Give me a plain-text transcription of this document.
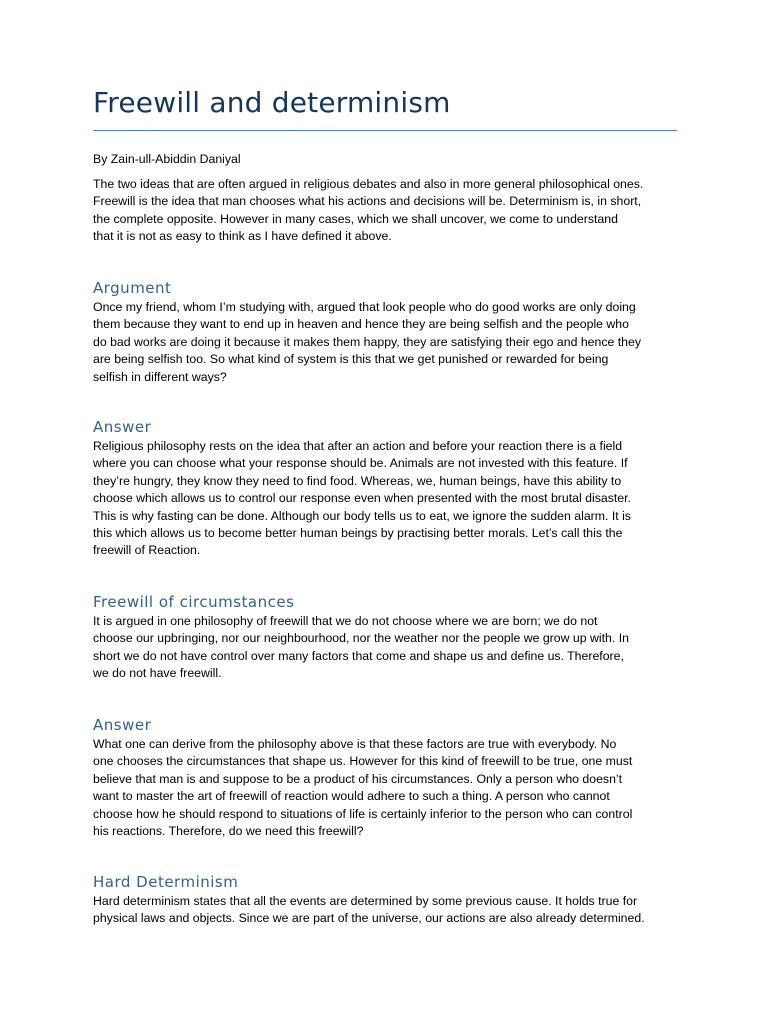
Freewill and determinism

By Zain-ull-Abiddin Daniyal

The two ideas that are often argued in religious debates and also in more general philosophical ones.
Freewill is the idea that man chooses what his actions and decisions will be. Determinism is, in short,
the complete opposite. However in many cases, which we shall uncover, we come to understand
that it is not as easy to think as I have defined it above.

Argument

Once my friend, whom I’m studying with, argued that look people who do good works are only doing
them because they want to end up in heaven and hence they are being selfish and the people who
do bad works are doing it because it makes them happy, they are satisfying their ego and hence they
are being selfish too. So what kind of system is this that we get punished or rewarded for being
selfish in different ways?

Answer

Religious philosophy rests on the idea that after an action and before your reaction there is a field
where you can choose what your response should be. Animals are not invested with this feature. If
they’re hungry, they know they need to find food. Whereas, we, human beings, have this ability to
choose which allows us to control our response even when presented with the most brutal disaster.
This is why fasting can be done. Although our body tells us to eat, we ignore the sudden alarm. It is
this which allows us to become better human beings by practising better morals. Let’s call this the
freewill of Reaction.

Freewill of circumstances

It is argued in one philosophy of freewill that we do not choose where we are born; we do not
choose our upbringing, nor our neighbourhood, nor the weather nor the people we grow up with. In
short we do not have control over many factors that come and shape us and define us. Therefore,
we do not have freewill.

Answer

What one can derive from the philosophy above is that these factors are true with everybody. No
one chooses the circumstances that shape us. However for this kind of freewill to be true, one must
believe that man is and suppose to be a product of his circumstances. Only a person who doesn’t
want to master the art of freewill of reaction would adhere to such a thing. A person who cannot
choose how he should respond to situations of life is certainly inferior to the person who can control
his reactions. Therefore, do we need this freewill?

Hard Determinism

Hard determinism states that all the events are determined by some previous cause. It holds true for
physical laws and objects. Since we are part of the universe, our actions are also already determined.
